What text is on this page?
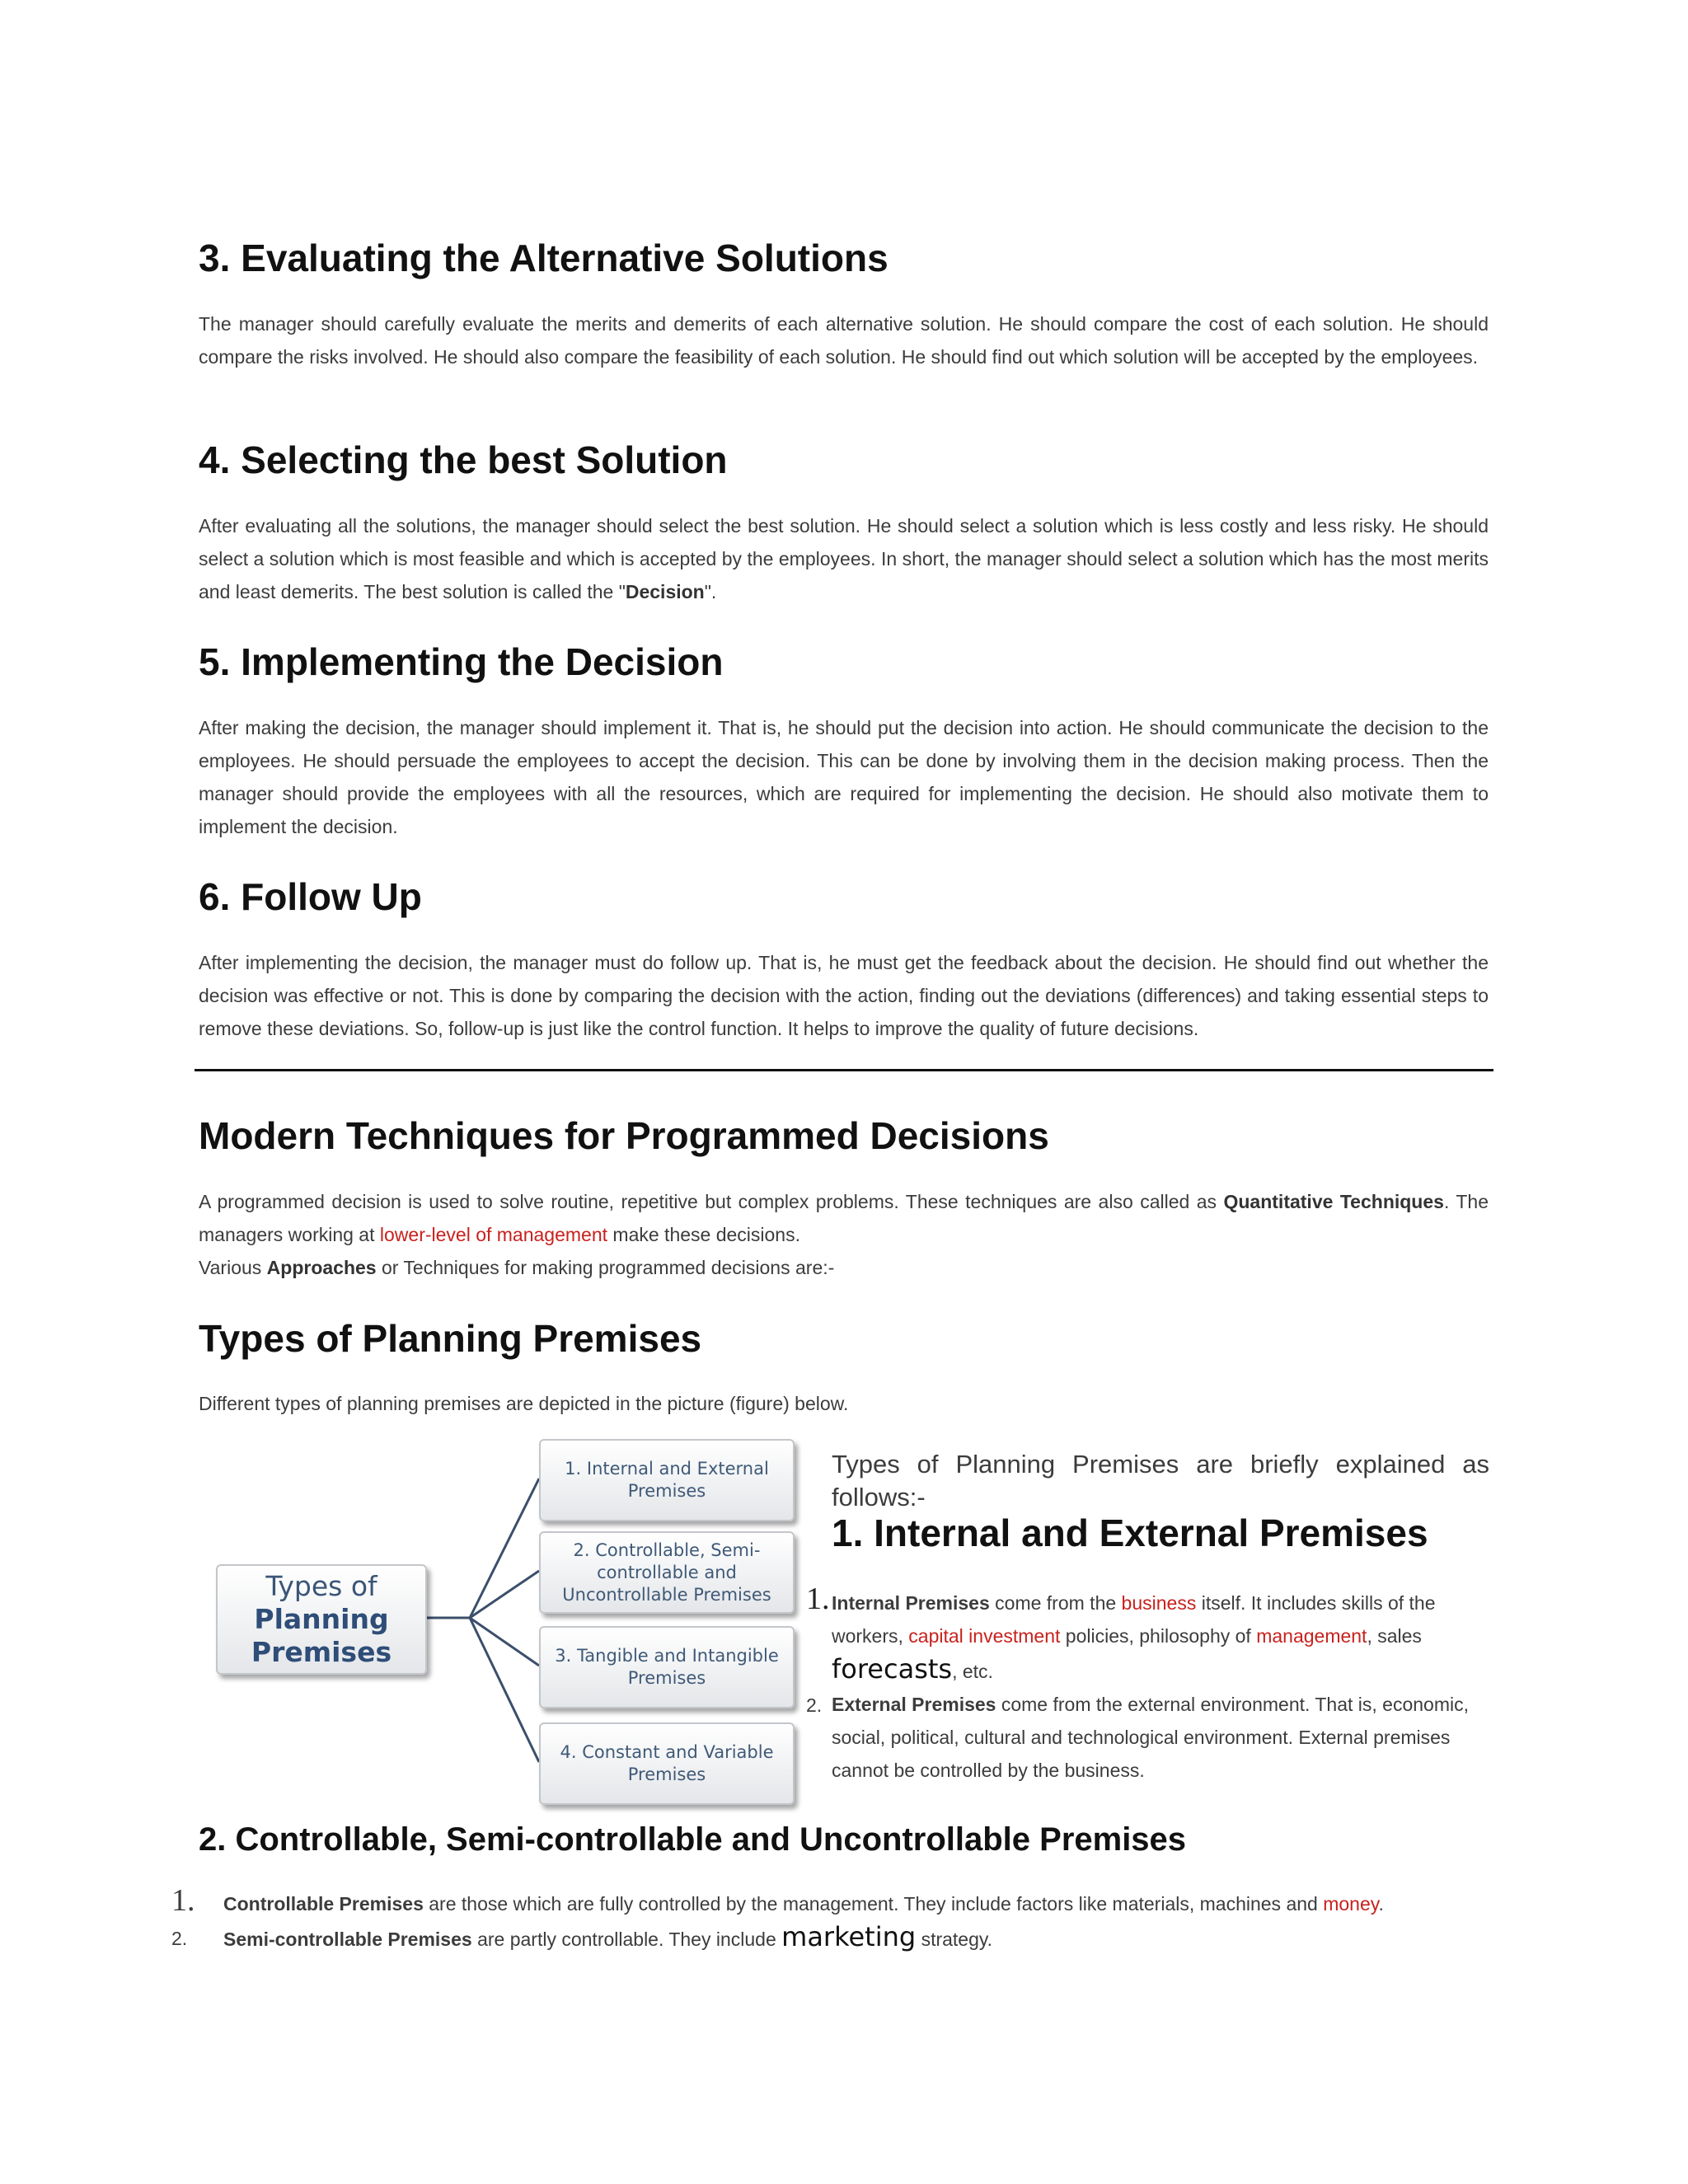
3. Evaluating the Alternative Solutions

The manager should carefully evaluate the merits and demerits of each alternative solution. He should compare the cost of each solution. He should compare the risks involved. He should also compare the feasibility of each solution. He should find out which solution will be accepted by the employees.

4. Selecting the best Solution

After evaluating all the solutions, the manager should select the best solution. He should select a solution which is less costly and less risky. He should select a solution which is most feasible and which is accepted by the employees. In short, the manager should select a solution which has the most merits and least demerits. The best solution is called the "Decision".

5. Implementing the Decision

After making the decision, the manager should implement it. That is, he should put the decision into action. He should communicate the decision to the employees. He should persuade the employees to accept the decision. This can be done by involving them in the decision making process. Then the manager should provide the employees with all the resources, which are required for implementing the decision. He should also motivate them to implement the decision.

6. Follow Up

After implementing the decision, the manager must do follow up. That is, he must get the feedback about the decision. He should find out whether the decision was effective or not. This is done by comparing the decision with the action, finding out the deviations (differences) and taking essential steps to remove these deviations. So, follow-up is just like the control function. It helps to improve the quality of future decisions.

Modern Techniques for Programmed Decisions

A programmed decision is used to solve routine, repetitive but complex problems. These techniques are also called as Quantitative Techniques. The managers working at lower-level of management make these decisions.
Various Approaches or Techniques for making programmed decisions are:-

Types of Planning Premises

Different types of planning premises are depicted in the picture (figure) below.

Types of Planning
Premises
1. Internal and External Premises
2. Controllable, Semi-controllable and Uncontrollable Premises
3. Tangible and Intangible Premises
4. Constant and Variable Premises

Types of Planning Premises are briefly explained as follows:-

1. Internal and External Premises
1. Internal Premises come from the business itself. It includes skills of the workers, capital investment policies, philosophy of management, sales
forecasts, etc.

2. External Premises come from the external environment. That is, economic, social, political, cultural and technological environment. External premises cannot be controlled by the business.

2. Controllable, Semi-controllable and Uncontrollable Premises
1. Controllable Premises are those which are fully controlled by the management. They include factors like materials, machines and money.

2. Semi-controllable Premises are partly controllable. They include marketing strategy.
